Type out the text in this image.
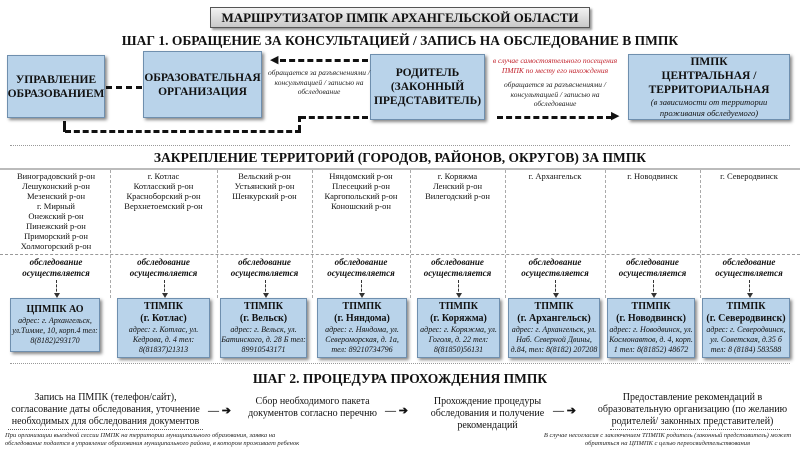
МАРШРУТИЗАТОР ПМПК АРХАНГЕЛЬСКОЙ ОБЛАСТИ
ШАГ 1. ОБРАЩЕНИЕ ЗА КОНСУЛЬТАЦИЕЙ / ЗАПИСЬ НА ОБСЛЕДОВАНИЕ В ПМПК
УПРАВЛЕНИЕ
ОБРАЗОВАНИЕМ
ОБРАЗОВАТЕЛЬНАЯ
ОРГАНИЗАЦИЯ
РОДИТЕЛЬ
(ЗАКОННЫЙ
ПРЕДСТАВИТЕЛЬ)
ПМПК
ЦЕНТРАЛЬНАЯ /
ТЕРРИТОРИАЛЬНАЯ
(в зависимости от территории проживания обследуемого)
◀
обращается за разъяснениями / консультацией / записью на обследование
в случае самостоятельного посещения ПМПК по месту его нахождения
обращается за разъяснениями / консультацией / записью на обследование
▶
ЗАКРЕПЛЕНИЕ ТЕРРИТОРИЙ (ГОРОДОВ, РАЙОНОВ, ОКРУГОВ) ЗА ПМПК
Виноградовский р-он
Лешуконский р-он
Мезенский р-он
г. Мирный
Онежский р-он
Пинежский р-он
Приморский р-он
Холмогорский р-он
обследование осуществляется
ЦПМПК АО
адрес: г. Архангельск, ул.Тимме, 10, корп.4 тел: 8(8182)293170
г. Котлас
Котласский р-он
Красноборский р-он
Верхнетоемский р-он
обследование осуществляется
ТПМПК
(г. Котлас)
адрес: г. Котлас, ул. Кедрова, д. 4 тел: 8(81837)21313
Вельский р-он
Устьянский р-он
Шенкурский р-он
обследование осуществляется
ТПМПК
(г. Вельск)
адрес: г. Вельск, ул. Батинского, д. 28 Б тел: 89910543171
Няндомский р-он
Плесецкий р-он
Каргопольский р-он
Коношский р-он
обследование осуществляется
ТПМПК
(г. Няндома)
адрес: г. Няндома, ул. Североморская, д. 1а, тел: 89210734796
г. Коряжма
Ленский р-он
Вилегодский р-он
обследование осуществляется
ТПМПК
(г. Коряжма)
адрес: г. Коряжма, ул. Гоголя, д. 22 тел: 8(81850)56131
г. Архангельск
обследование осуществляется
ТПМПК
(г. Архангельск)
адрес: г. Архангельск, ул. Наб. Северной Двины, д.84, тел: 8(8182) 207208
г. Новодвинск
обследование осуществляется
ТПМПК
(г. Новодвинск)
адрес: г. Новодвинск, ул. Космонавтов, д. 4, корп. 1 тел: 8(81852) 48672
г. Северодвинск
обследование осуществляется
ТПМПК
(г. Северодвинск)
адрес: г. Северодвинск, ул. Советская, д.35 б тел: 8 (8184) 583588
ШАГ 2. ПРОЦЕДУРА ПРОХОЖДЕНИЯ ПМПК
Запись на ПМПК (телефон/сайт), согласование даты обследования, уточнение необходимых для обследования документов
— ➔
Сбор необходимого пакета документов согласно перечню — ➔
Прохождение процедуры обследования и получение рекомендаций
— ➔
Предоставление рекомендаций в образовательную организацию (по желанию родителей/ законных представителей)
При организации выездной сессии ПМПК на территории муниципального образования, заявка на обследование подается в управление образования муниципального района, в котором проживает ребенок
В случае несогласия с заключением ТПМПК родитель (законный представитель) может обратиться на ЦПМПК с целью переосвидетельствования
